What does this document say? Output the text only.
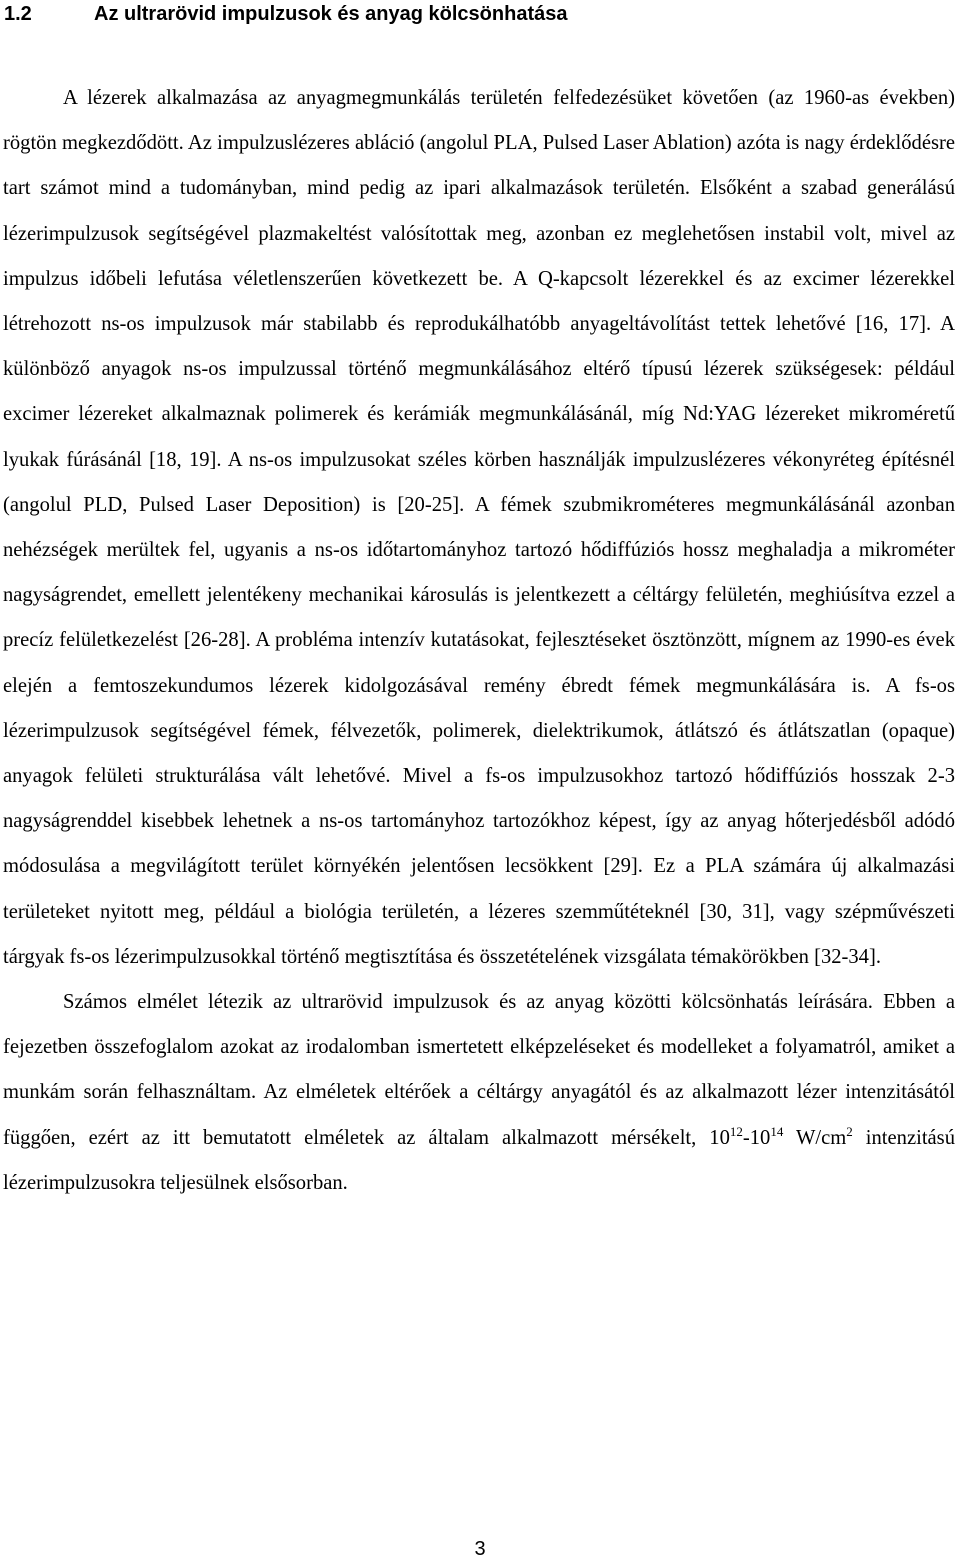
1.2	Az ultrarövid impulzusok és anyag kölcsönhatása

A lézerek alkalmazása az anyagmegmunkálás területén felfedezésüket követően (az 1960-as években) rögtön megkezdődött. Az impulzuslézeres abláció (angolul PLA, Pulsed Laser Ablation) azóta is nagy érdeklődésre tart számot mind a tudományban, mind pedig az ipari alkalmazások területén. Elsőként a szabad generálású lézerimpulzusok segítségével plazmakeltést valósítottak meg, azonban ez meglehetősen instabil volt, mivel az impulzus időbeli lefutása véletlenszerűen következett be. A Q-kapcsolt lézerekkel és az excimer lézerekkel létrehozott ns-os impulzusok már stabilabb és reprodukálhatóbb anyageltávolítást tettek lehetővé [16, 17]. A különböző anyagok ns-os impulzussal történő megmunkálásához eltérő típusú lézerek szükségesek: például excimer lézereket alkalmaznak polimerek és kerámiák megmunkálásánál, míg Nd:YAG lézereket mikroméretű lyukak fúrásánál [18, 19]. A ns-os impulzusokat széles körben használják impulzuslézeres vékonyréteg építésnél (angolul PLD, Pulsed Laser Deposition) is [20-25]. A fémek szubmikrométeres megmunkálásánál azonban nehézségek merültek fel, ugyanis a ns-os időtartományhoz tartozó hődiffúziós hossz meghaladja a mikrométer nagyságrendet, emellett jelentékeny mechanikai károsulás is jelentkezett a céltárgy felületén, meghiúsítva ezzel a precíz felületkezelést [26-28]. A probléma intenzív kutatásokat, fejlesztéseket ösztönzött, mígnem az 1990-es évek elején a femtoszekundumos lézerek kidolgozásával remény ébredt fémek megmunkálására is. A fs-os lézerimpulzusok segítségével fémek, félvezetők, polimerek, dielektrikumok, átlátszó és átlátszatlan (opaque) anyagok felületi strukturálása vált lehetővé. Mivel a fs-os impulzusokhoz tartozó hődiffúziós hosszak 2-3 nagyságrenddel kisebbek lehetnek a ns-os tartományhoz tartozókhoz képest, így az anyag hőterjedésből adódó módosulása a megvilágított terület környékén jelentősen lecsökkent [29]. Ez a PLA számára új alkalmazási területeket nyitott meg, például a biológia területén, a lézeres szemműtéteknél [30, 31], vagy szépművészeti tárgyak fs-os lézerimpulzusokkal történő megtisztítása és összetételének vizsgálata témakörökben [32-34].

Számos elmélet létezik az ultrarövid impulzusok és az anyag közötti kölcsönhatás leírására. Ebben a fejezetben összefoglalom azokat az irodalomban ismertetett elképzeléseket és modelleket a folyamatról, amiket a munkám során felhasználtam. Az elméletek eltérőek a céltárgy anyagától és az alkalmazott lézer intenzitásától függően, ezért az itt bemutatott elméletek az általam alkalmazott mérsékelt, $10^{12}-10^{14}$ $W/cm^2$ intenzitású lézerimpulzusokra teljesülnek elsősorban.

3
